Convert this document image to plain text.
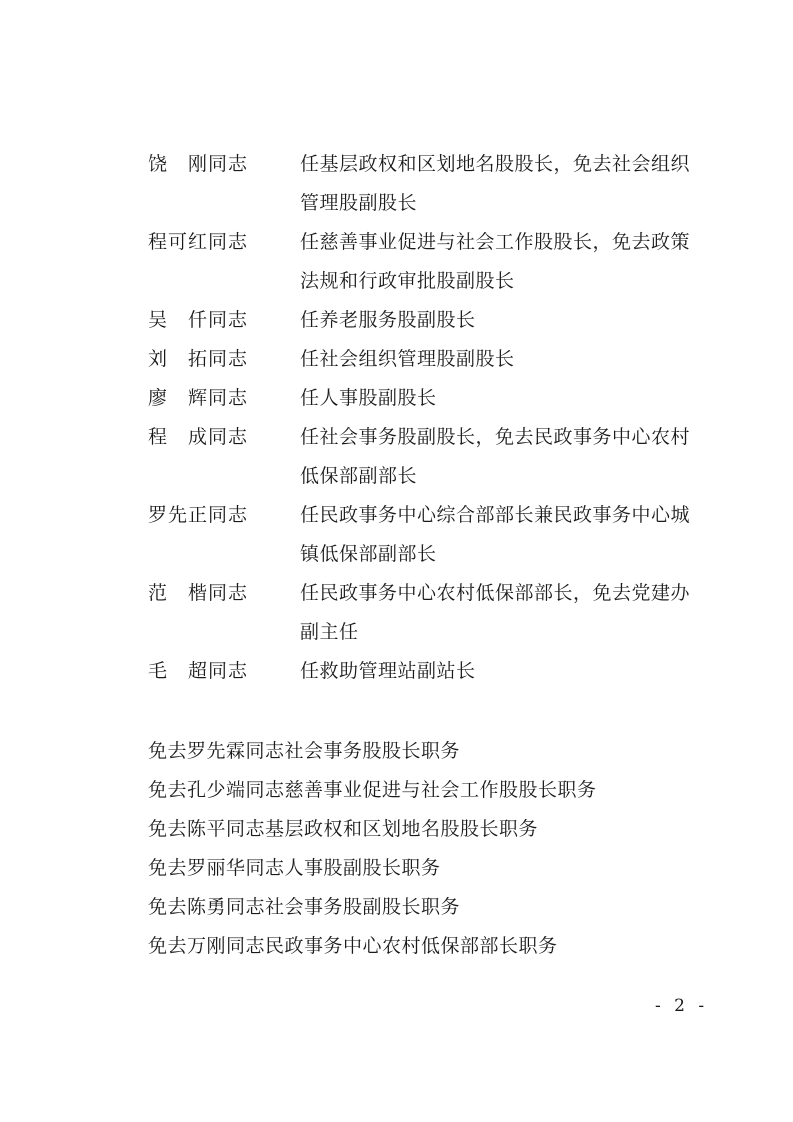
饶　刚同志	任基层政权和区划地名股股长，免去社会组织管理股副股长
程可红同志	任慈善事业促进与社会工作股股长，免去政策法规和行政审批股副股长
吴　仟同志	任养老服务股副股长
刘　拓同志	任社会组织管理股副股长
廖　辉同志	任人事股副股长
程　成同志	任社会事务股副股长，免去民政事务中心农村低保部副部长
罗先正同志	任民政事务中心综合部部长兼民政事务中心城镇低保部副部长
范　楷同志	任民政事务中心农村低保部部长，免去党建办副主任
毛　超同志	任救助管理站副站长
免去罗先霖同志社会事务股股长职务
免去孔少端同志慈善事业促进与社会工作股股长职务
免去陈平同志基层政权和区划地名股股长职务
免去罗丽华同志人事股副股长职务
免去陈勇同志社会事务股副股长职务
免去万刚同志民政事务中心农村低保部部长职务
- 2 -
